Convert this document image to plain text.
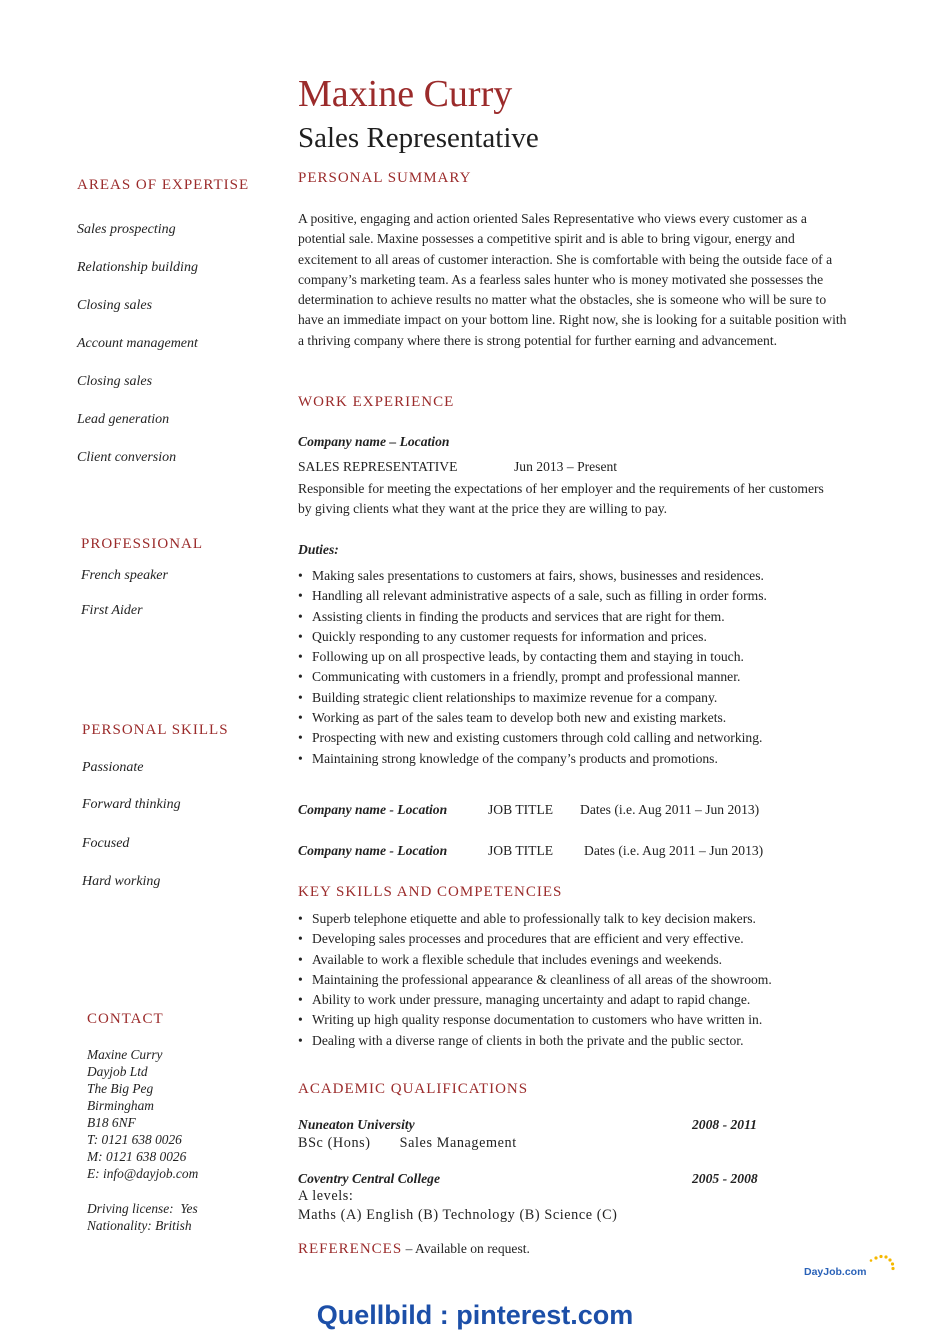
Maxine Curry
Sales Representative
AREAS OF EXPERTISE
Sales prospecting
Relationship building
Closing sales
Account management
Closing sales
Lead generation
Client conversion
PROFESSIONAL
French speaker
First Aider
PERSONAL SKILLS
Passionate
Forward thinking
Focused
Hard working
CONTACT
Maxine Curry
Dayjob Ltd
The Big Peg
Birmingham
B18 6NF
T: 0121 638 0026
M: 0121 638 0026
E: info@dayjob.com
Driving license:  Yes
Nationality: British
PERSONAL SUMMARY
A positive, engaging and action oriented Sales Representative who views every customer as a potential sale. Maxine possesses a competitive spirit and is able to bring vigour, energy and excitement to all areas of customer interaction. She is comfortable with being the outside face of a company’s marketing team. As a fearless sales hunter who is money motivated she possesses the determination to achieve results no matter what the obstacles, she is someone who will be sure to have an immediate impact on your bottom line. Right now, she is looking for a suitable position with a thriving company where there is strong potential for further earning and advancement.
WORK EXPERIENCE
Company name – Location
SALES REPRESENTATIVE	Jun 2013 – Present
Responsible for meeting the expectations of her employer and the requirements of her customers by giving clients what they want at the price they are willing to pay.
Duties:
• Making sales presentations to customers at fairs, shows, businesses and residences.
• Handling all relevant administrative aspects of a sale, such as filling in order forms.
• Assisting clients in finding the products and services that are right for them.
• Quickly responding to any customer requests for information and prices.
• Following up on all prospective leads, by contacting them and staying in touch.
• Communicating with customers in a friendly, prompt and professional manner.
• Building strategic client relationships to maximize revenue for a company.
• Working as part of the sales team to develop both new and existing markets.
• Prospecting with new and existing customers through cold calling and networking.
• Maintaining strong knowledge of the company’s products and promotions.
Company name - Location	JOB TITLE Dates (i.e. Aug 2011 – Jun 2013)
Company name - Location	JOB TITLE Dates (i.e. Aug 2011 – Jun 2013)
KEY SKILLS AND COMPETENCIES
• Superb telephone etiquette and able to professionally talk to key decision makers.
• Developing sales processes and procedures that are efficient and very effective.
• Available to work a flexible schedule that includes evenings and weekends.
• Maintaining the professional appearance & cleanliness of all areas of the showroom.
• Ability to work under pressure, managing uncertainty and adapt to rapid change.
• Writing up high quality response documentation to customers who have written in.
• Dealing with a diverse range of clients in both the private and the public sector.
ACADEMIC QUALIFICATIONS
Nuneaton University	2008 - 2011
BSc (Hons)       Sales Management
Coventry Central College	2005 - 2008
A levels:
Maths (A) English (B) Technology (B) Science (C)
REFERENCES – Available on request.
DayJob.com
Quellbild : pinterest.com
